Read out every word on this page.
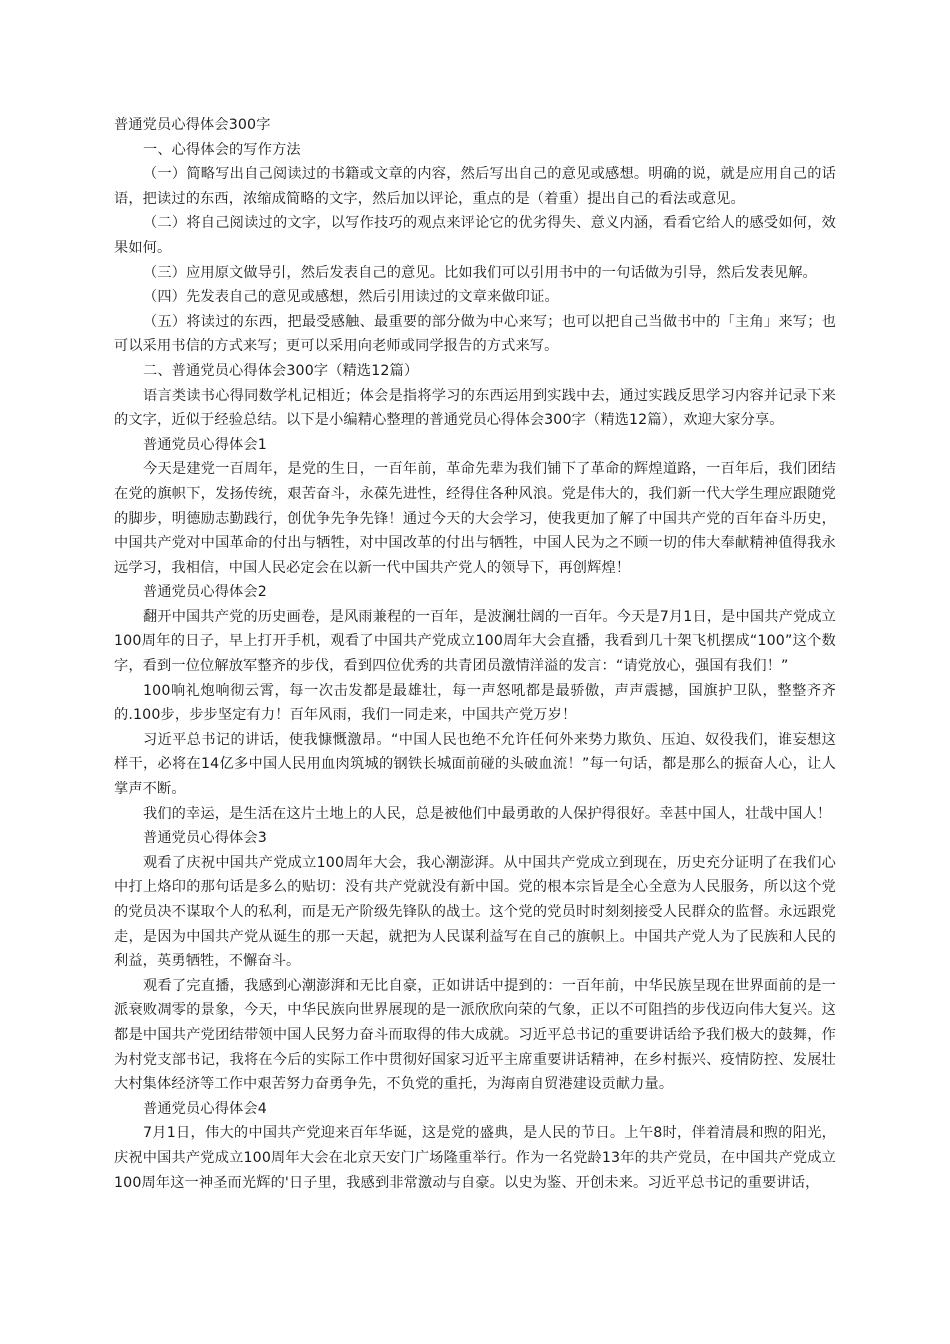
普通党员心得体会300字

一、心得体会的写作方法

（一）简略写出自己阅读过的书籍或文章的内容，然后写出自己的意见或感想。明确的说，就是应用自己的话语，把读过的东西，浓缩成简略的文字，然后加以评论，重点的是（着重）提出自己的看法或意见。

（二）将自己阅读过的文字，以写作技巧的观点来评论它的优劣得失、意义内涵，看看它给人的感受如何，效果如何。

（三）应用原文做导引，然后发表自己的意见。比如我们可以引用书中的一句话做为引导，然后发表见解。

（四）先发表自己的意见或感想，然后引用读过的文章来做印证。

（五）将读过的东西，把最受感触、最重要的部分做为中心来写；也可以把自己当做书中的「主角」来写；也可以采用书信的方式来写；更可以采用向老师或同学报告的方式来写。

二、普通党员心得体会300字（精选12篇）

语言类读书心得同数学札记相近；体会是指将学习的东西运用到实践中去，通过实践反思学习内容并记录下来的文字，近似于经验总结。以下是小编精心整理的普通党员心得体会300字（精选12篇），欢迎大家分享。

普通党员心得体会1

今天是建党一百周年，是党的生日，一百年前，革命先辈为我们铺下了革命的辉煌道路，一百年后，我们团结在党的旗帜下，发扬传统，艰苦奋斗，永葆先进性，经得住各种风浪。党是伟大的，我们新一代大学生理应跟随党的脚步，明德励志勤践行，创优争先争先锋！通过今天的大会学习，使我更加了解了中国共产党的百年奋斗历史，中国共产党对中国革命的付出与牺牲，对中国改革的付出与牺牲，中国人民为之不顾一切的伟大奉献精神值得我永远学习，我相信，中国人民必定会在以新一代中国共产党人的领导下，再创辉煌！

普通党员心得体会2

翻开中国共产党的历史画卷，是风雨兼程的一百年，是波澜壮阔的一百年。今天是7月1日，是中国共产党成立100周年的日子，早上打开手机，观看了中国共产党成立100周年大会直播，我看到几十架飞机摆成“100”这个数字，看到一位位解放军整齐的步伐，看到四位优秀的共青团员激情洋溢的发言：“请党放心，强国有我们！”

100响礼炮响彻云霄，每一次击发都是最雄壮，每一声怒吼都是最骄傲，声声震撼，国旗护卫队，整整齐齐的.100步，步步坚定有力！百年风雨，我们一同走来，中国共产党万岁！

习近平总书记的讲话，使我慷慨激昂。“中国人民也绝不允许任何外来势力欺负、压迫、奴役我们，谁妄想这样干，必将在14亿多中国人民用血肉筑城的钢铁长城面前碰的头破血流！”每一句话，都是那么的振奋人心，让人掌声不断。

我们的幸运，是生活在这片土地上的人民，总是被他们中最勇敢的人保护得很好。幸甚中国人，壮哉中国人！

普通党员心得体会3

观看了庆祝中国共产党成立100周年大会，我心潮澎湃。从中国共产党成立到现在，历史充分证明了在我们心中打上烙印的那句话是多么的贴切：没有共产党就没有新中国。党的根本宗旨是全心全意为人民服务，所以这个党的党员决不谋取个人的私利，而是无产阶级先锋队的战士。这个党的党员时时刻刻接受人民群众的监督。永远跟党走，是因为中国共产党从诞生的那一天起，就把为人民谋利益写在自己的旗帜上。中国共产党人为了民族和人民的利益，英勇牺牲，不懈奋斗。

观看了完直播，我感到心潮澎湃和无比自豪，正如讲话中提到的：一百年前，中华民族呈现在世界面前的是一派衰败凋零的景象，今天，中华民族向世界展现的是一派欣欣向荣的气象，正以不可阻挡的步伐迈向伟大复兴。这都是中国共产党团结带领中国人民努力奋斗而取得的伟大成就。习近平总书记的重要讲话给予我们极大的鼓舞，作为村党支部书记，我将在今后的实际工作中贯彻好国家习近平主席重要讲话精神，在乡村振兴、疫情防控、发展壮大村集体经济等工作中艰苦努力奋勇争先，不负党的重托，为海南自贸港建设贡献力量。

普通党员心得体会4

7月1日，伟大的中国共产党迎来百年华诞，这是党的盛典，是人民的节日。上午8时，伴着清晨和煦的阳光，庆祝中国共产党成立100周年大会在北京天安门广场隆重举行。作为一名党龄13年的共产党员，在中国共产党成立100周年这一神圣而光辉的'日子里，我感到非常激动与自豪。以史为鉴、开创未来。习近平总书记的重要讲话，
